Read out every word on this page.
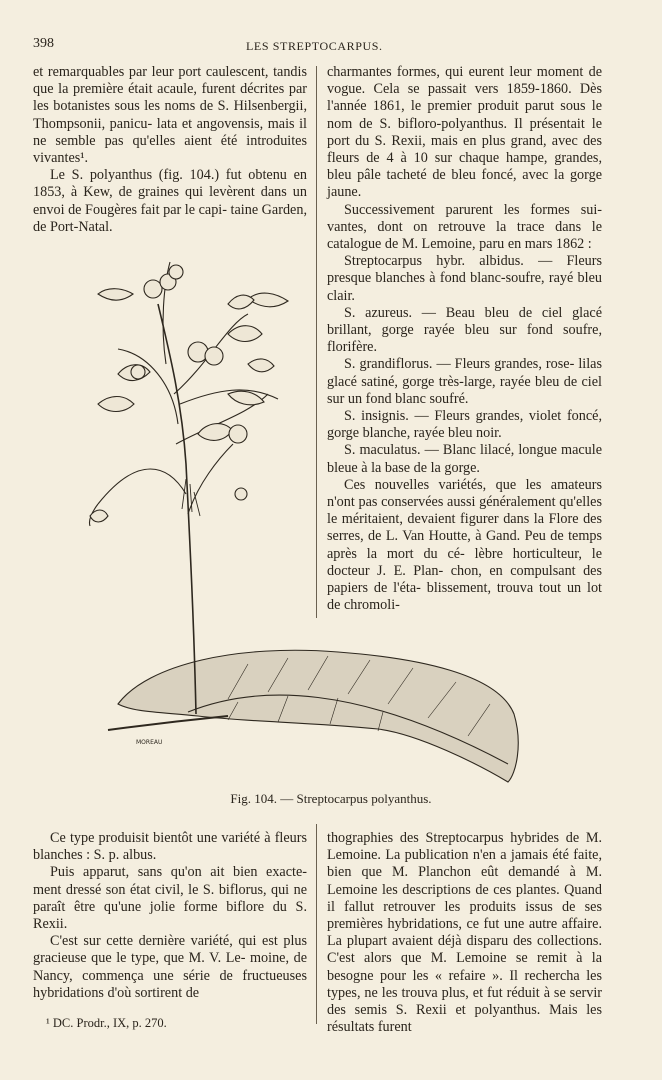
398	LES STREPTOCARPUS.

et remarquables par leur port caulescent, tandis que la première était acaule, furent décrites par les botanistes sous les noms de S. Hilsenbergii, Thompsonii, panicu- lata et angovensis, mais il ne semble pas qu'elles aient été introduites vivantes¹.

Le S. polyanthus (fig. 104.) fut obtenu en 1853, à Kew, de graines qui levèrent dans un envoi de Fougères fait par le capi- taine Garden, de Port-Natal.

charmantes formes, qui eurent leur moment de vogue. Cela se passait vers 1859-1860. Dès l'année 1861, le premier produit parut sous le nom de S. bifloro-polyanthus. Il présentait le port du S. Rexii, mais en plus grand, avec des fleurs de 4 à 10 sur chaque hampe, grandes, bleu pâle tacheté de bleu foncé, avec la gorge jaune.

Successivement parurent les formes sui- vantes, dont on retrouve la trace dans le catalogue de M. Lemoine, paru en mars 1862 :

Streptocarpus hybr. albidus. — Fleurs presque blanches à fond blanc-soufre, rayé bleu clair.

S. azureus. — Beau bleu de ciel glacé brillant, gorge rayée bleu sur fond soufre, florifère.

S. grandiflorus. — Fleurs grandes, rose- lilas glacé satiné, gorge très-large, rayée bleu de ciel sur un fond blanc soufré.

S. insignis. — Fleurs grandes, violet foncé, gorge blanche, rayée bleu noir.

S. maculatus. — Blanc lilacé, longue macule bleue à la base de la gorge.

Ces nouvelles variétés, que les amateurs n'ont pas conservées aussi généralement qu'elles le méritaient, devaient figurer dans la Flore des serres, de L. Van Houtte, à Gand. Peu de temps après la mort du cé- lèbre horticulteur, le docteur J. E. Plan- chon, en compulsant des papiers de l'éta- blissement, trouva tout un lot de chromoli-

MOREAU
Fig. 104. — Streptocarpus polyanthus.

Ce type produisit bientôt une variété à fleurs blanches : S. p. albus.

Puis apparut, sans qu'on ait bien exacte- ment dressé son état civil, le S. biflorus, qui ne paraît être qu'une jolie forme biflore du S. Rexii.

C'est sur cette dernière variété, qui est plus gracieuse que le type, que M. V. Le- moine, de Nancy, commença une série de fructueuses hybridations d'où sortirent de

thographies des Streptocarpus hybrides de M. Lemoine. La publication n'en a jamais été faite, bien que M. Planchon eût demandé à M. Lemoine les descriptions de ces plantes. Quand il fallut retrouver les produits issus de ses premières hybridations, ce fut une autre affaire. La plupart avaient déjà disparu des collections. C'est alors que M. Lemoine se remit à la besogne pour les « refaire ». Il rechercha les types, ne les trouva plus, et fut réduit à se servir des semis S. Rexii et polyanthus. Mais les résultats furent

¹ DC. Prodr., IX, p. 270.
